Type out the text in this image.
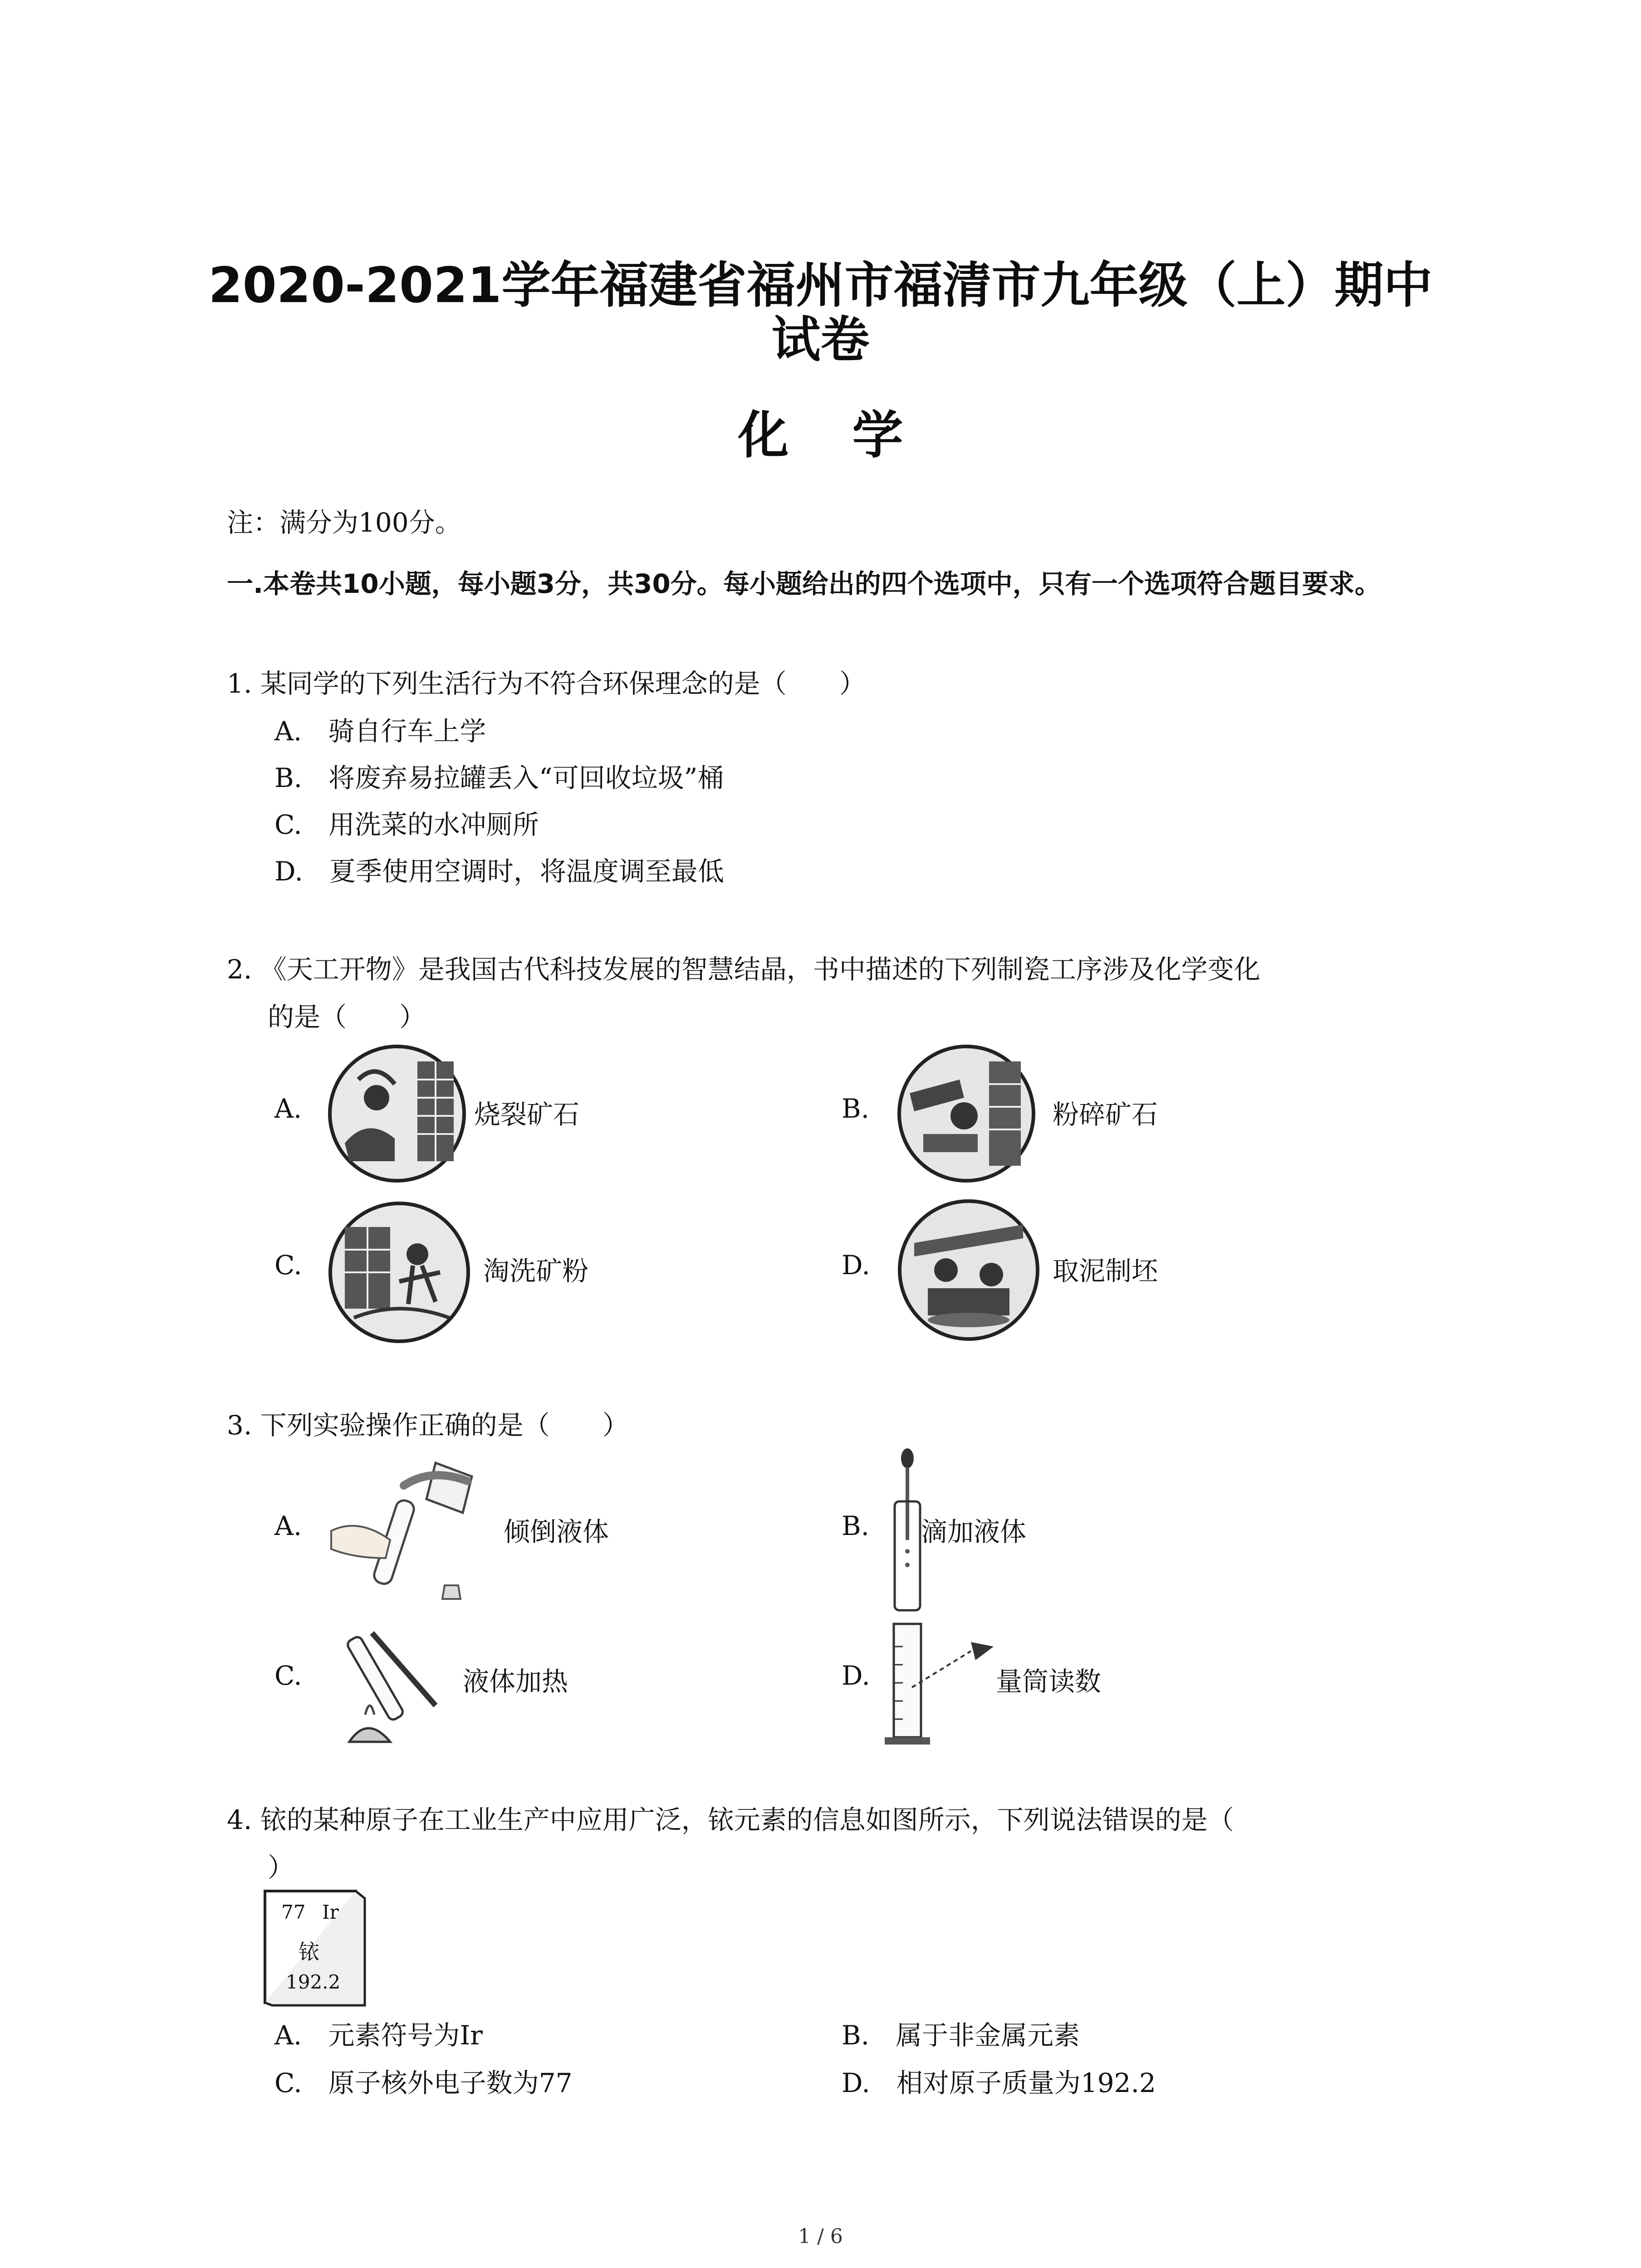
2020-2021学年福建省福州市福清市九年级（上）期中
试卷
化学
注：满分为100分。
一.本卷共10小题，每小题3分，共30分。每小题给出的四个选项中，只有一个选项符合题目要求。
1. 某同学的下列生活行为不符合环保理念的是（　　）
A.　骑自行车上学
B.　将废弃易拉罐丢入“可回收垃圾”桶
C.　用洗菜的水冲厕所
D.　夏季使用空调时，将温度调至最低
2. 《天工开物》是我国古代科技发展的智慧结晶，书中描述的下列制瓷工序涉及化学变化
的是（　　）
A.	烧裂矿石	B.	粉碎矿石
C.	淘洗矿粉	D.	取泥制坯
3. 下列实验操作正确的是（　　）
A.	倾倒液体	B. 滴加液体
C.	液体加热	D.	量筒读数
4. 铱的某种原子在工业生产中应用广泛，铱元素的信息如图所示，下列说法错误的是（
）
77 Ir
铱
192.2
A.　元素符号为Ir	B.　属于非金属元素
C.　原子核外电子数为77	D.　相对原子质量为192.2
1 / 6
